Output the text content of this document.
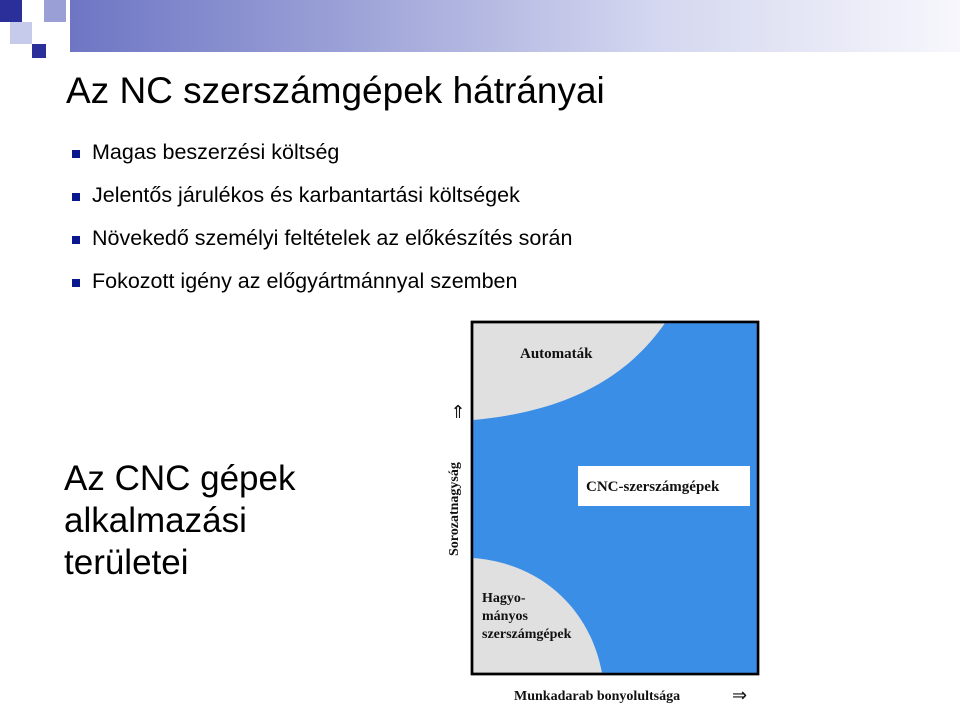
Az NC szerszámgépek hátrányai
Magas beszerzési költség
Jelentős járulékos és karbantartási költségek
Növekedő személyi feltételek az előkészítés során
Fokozott igény az előgyártmánnyal szemben
Az CNC gépek
alkalmazási
területei
Automaták
CNC-szerszámgépek
Hagyo-
mányos
szerszámgépek
Sorozatnagyság
⇑
Munkadarab bonyolultsága	⇒
